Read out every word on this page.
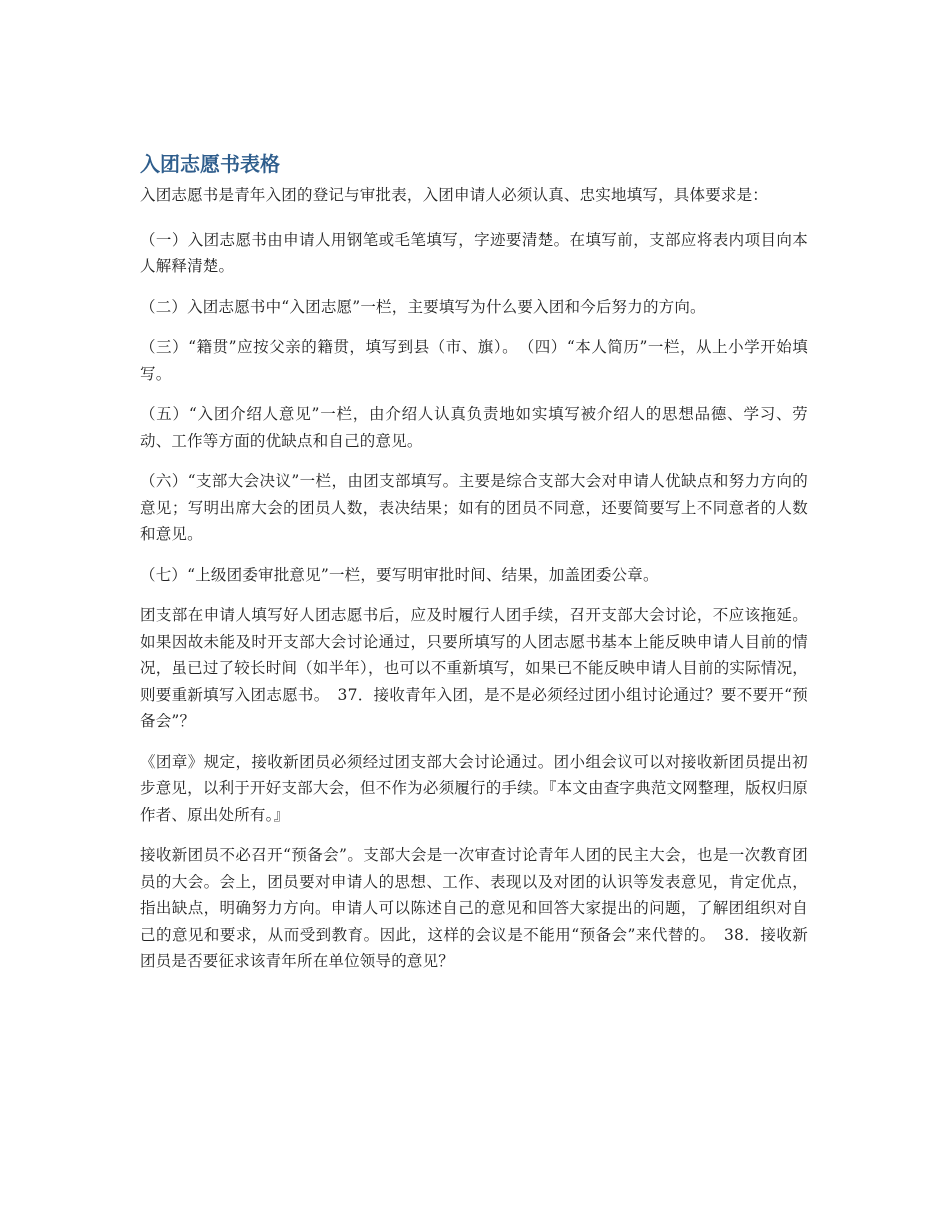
入团志愿书表格

入团志愿书是青年入团的登记与审批表，入团申请人必须认真、忠实地填写，具体要求是：

（一）入团志愿书由申请人用钢笔或毛笔填写，字迹要清楚。在填写前，支部应将表内项目向本人解释清楚。

（二）入团志愿书中“入团志愿”一栏，主要填写为什么要入团和今后努力的方向。

（三）“籍贯”应按父亲的籍贯，填写到县（市、旗）。　（四）“本人简历”一栏，从上小学开始填写。

（五）“入团介绍人意见”一栏，由介绍人认真负责地如实填写被介绍人的思想品德、学习、劳动、工作等方面的优缺点和自己的意见。

（六）“支部大会决议”一栏，由团支部填写。主要是综合支部大会对申请人优缺点和努力方向的意见；写明出席大会的团员人数，表决结果；如有的团员不同意，还要简要写上不同意者的人数和意见。

（七）“上级团委审批意见”一栏，要写明审批时间、结果，加盖团委公章。

团支部在申请人填写好人团志愿书后，应及时履行人团手续，召开支部大会讨论，不应该拖延。如果因故未能及时开支部大会讨论通过，只要所填写的人团志愿书基本上能反映申请人目前的情况，虽已过了较长时间（如半年），也可以不重新填写，如果已不能反映申请人目前的实际情况，则要重新填写入团志愿书。　37．接收青年入团，是不是必须经过团小组讨论通过？要不要开“预备会”？

《团章》规定，接收新团员必须经过团支部大会讨论通过。团小组会议可以对接收新团员提出初步意见，以利于开好支部大会，但不作为必须履行的手续。『本文由查字典范文网整理，版权归原作者、原出处所有。』

接收新团员不必召开“预备会”。支部大会是一次审查讨论青年人团的民主大会，也是一次教育团员的大会。会上，团员要对申请人的思想、工作、表现以及对团的认识等发表意见，肯定优点，指出缺点，明确努力方向。申请人可以陈述自己的意见和回答大家提出的问题，了解团组织对自己的意见和要求，从而受到教育。因此，这样的会议是不能用“预备会”来代替的。　38．接收新团员是否要征求该青年所在单位领导的意见？
